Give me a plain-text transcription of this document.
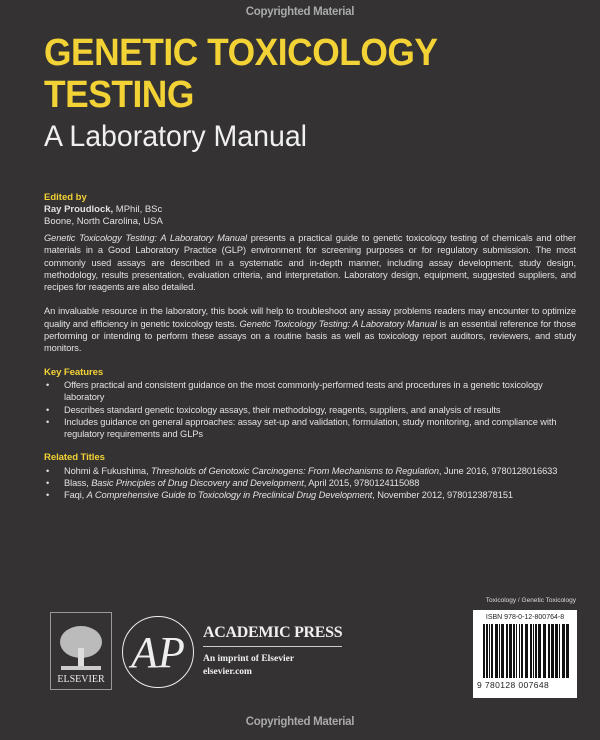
Copyrighted Material
GENETIC TOXICOLOGY
TESTING
A Laboratory Manual
Edited by
Ray Proudlock, MPhil, BSc
Boone, North Carolina, USA

Genetic Toxicology Testing: A Laboratory Manual presents a practical guide to genetic toxicology testing of chemicals and other materials in a Good Laboratory Practice (GLP) environment for screening purposes or for regulatory submission. The most commonly used assays are described in a systematic and in-depth manner, including assay development, study design, methodology, results presentation, evaluation criteria, and interpretation. Laboratory design, equipment, suggested suppliers, and recipes for reagents are also detailed.

An invaluable resource in the laboratory, this book will help to troubleshoot any assay problems readers may encounter to optimize quality and efficiency in genetic toxicology tests. Genetic Toxicology Testing: A Laboratory Manual is an essential reference for those performing or intending to perform these assays on a routine basis as well as toxicology report auditors, reviewers, and study monitors.

Key Features
• Offers practical and consistent guidance on the most commonly-performed tests and procedures in a genetic toxicology laboratory
• Describes standard genetic toxicology assays, their methodology, reagents, suppliers, and analysis of results
• Includes guidance on general approaches: assay set-up and validation, formulation, study monitoring, and compliance with regulatory requirements and GLPs
Related Titles
• Nohmi & Fukushima, Thresholds of Genotoxic Carcinogens: From Mechanisms to Regulation, June 2016, 9780128016633
• Blass, Basic Principles of Drug Discovery and Development, April 2015, 9780124115088
• Faqi, A Comprehensive Guide to Toxicology in Preclinical Drug Development, November 2012, 9780123878151
ELSEVIER
AP	ACADEMIC PRESS
An imprint of Elsevier
elsevier.com
Toxicology / Genetic Toxicology
ISBN 978-0-12-800764-8
9 780128 007648
Copyrighted Material
